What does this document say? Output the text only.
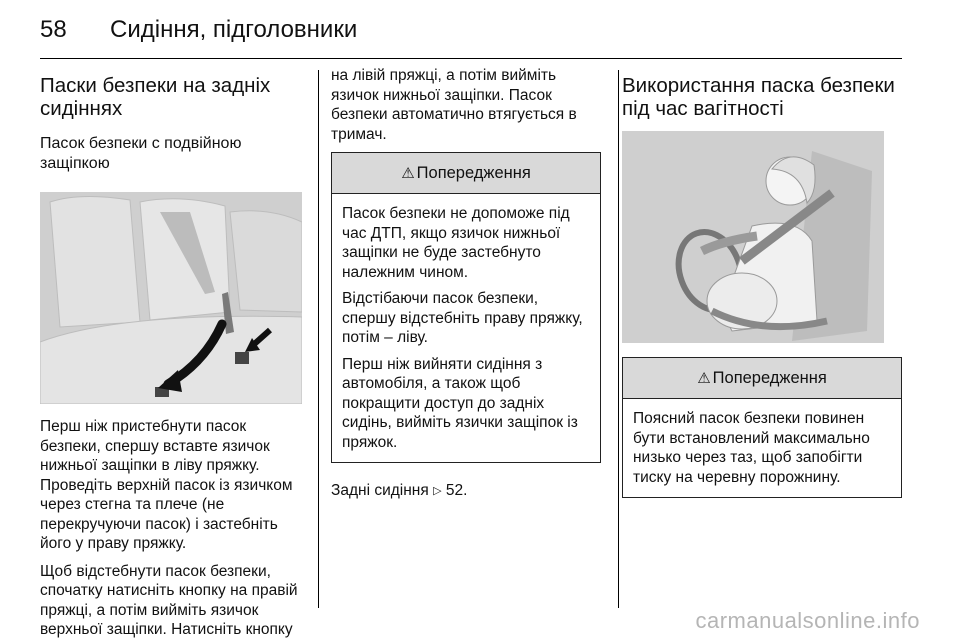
58	Сидіння, підголовники
Паски безпеки на задніх сидіннях
Пасок безпеки с подвійною защіпкою

Перш ніж пристебнути пасок безпеки, спершу вставте язичок нижньої защіпки в ліву пряжку. Проведіть верхній пасок із язичком через стегна та плече (не перекручуючи пасок) і застебніть його у праву пряжку.

Щоб відстебнути пасок безпеки, спочатку натисніть кнопку на правій пряжці, а потім вийміть язичок верхньої защіпки. Натисніть кнопку

на лівій пряжці, а потім вийміть язичок нижньої защіпки. Пасок безпеки автоматично втягується в тримач.

⚠ Попередження

Пасок безпеки не допоможе під час ДТП, якщо язичок нижньої защіпки не буде застебнуто належним чином.

Відстібаючи пасок безпеки, спершу відстебніть праву пряжку, потім – ліву.

Перш ніж вийняти сидіння з автомобіля, а також щоб покращити доступ до задніх сидінь, вийміть язички защіпок із пряжок.

Задні сидіння ▷ 52.

Використання паска безпеки під час вагітності
⚠ Попередження

Поясний пасок безпеки повинен бути встановлений максимально низько через таз, щоб запобігти тиску на черевну порожнину.

carmanualsonline.info
